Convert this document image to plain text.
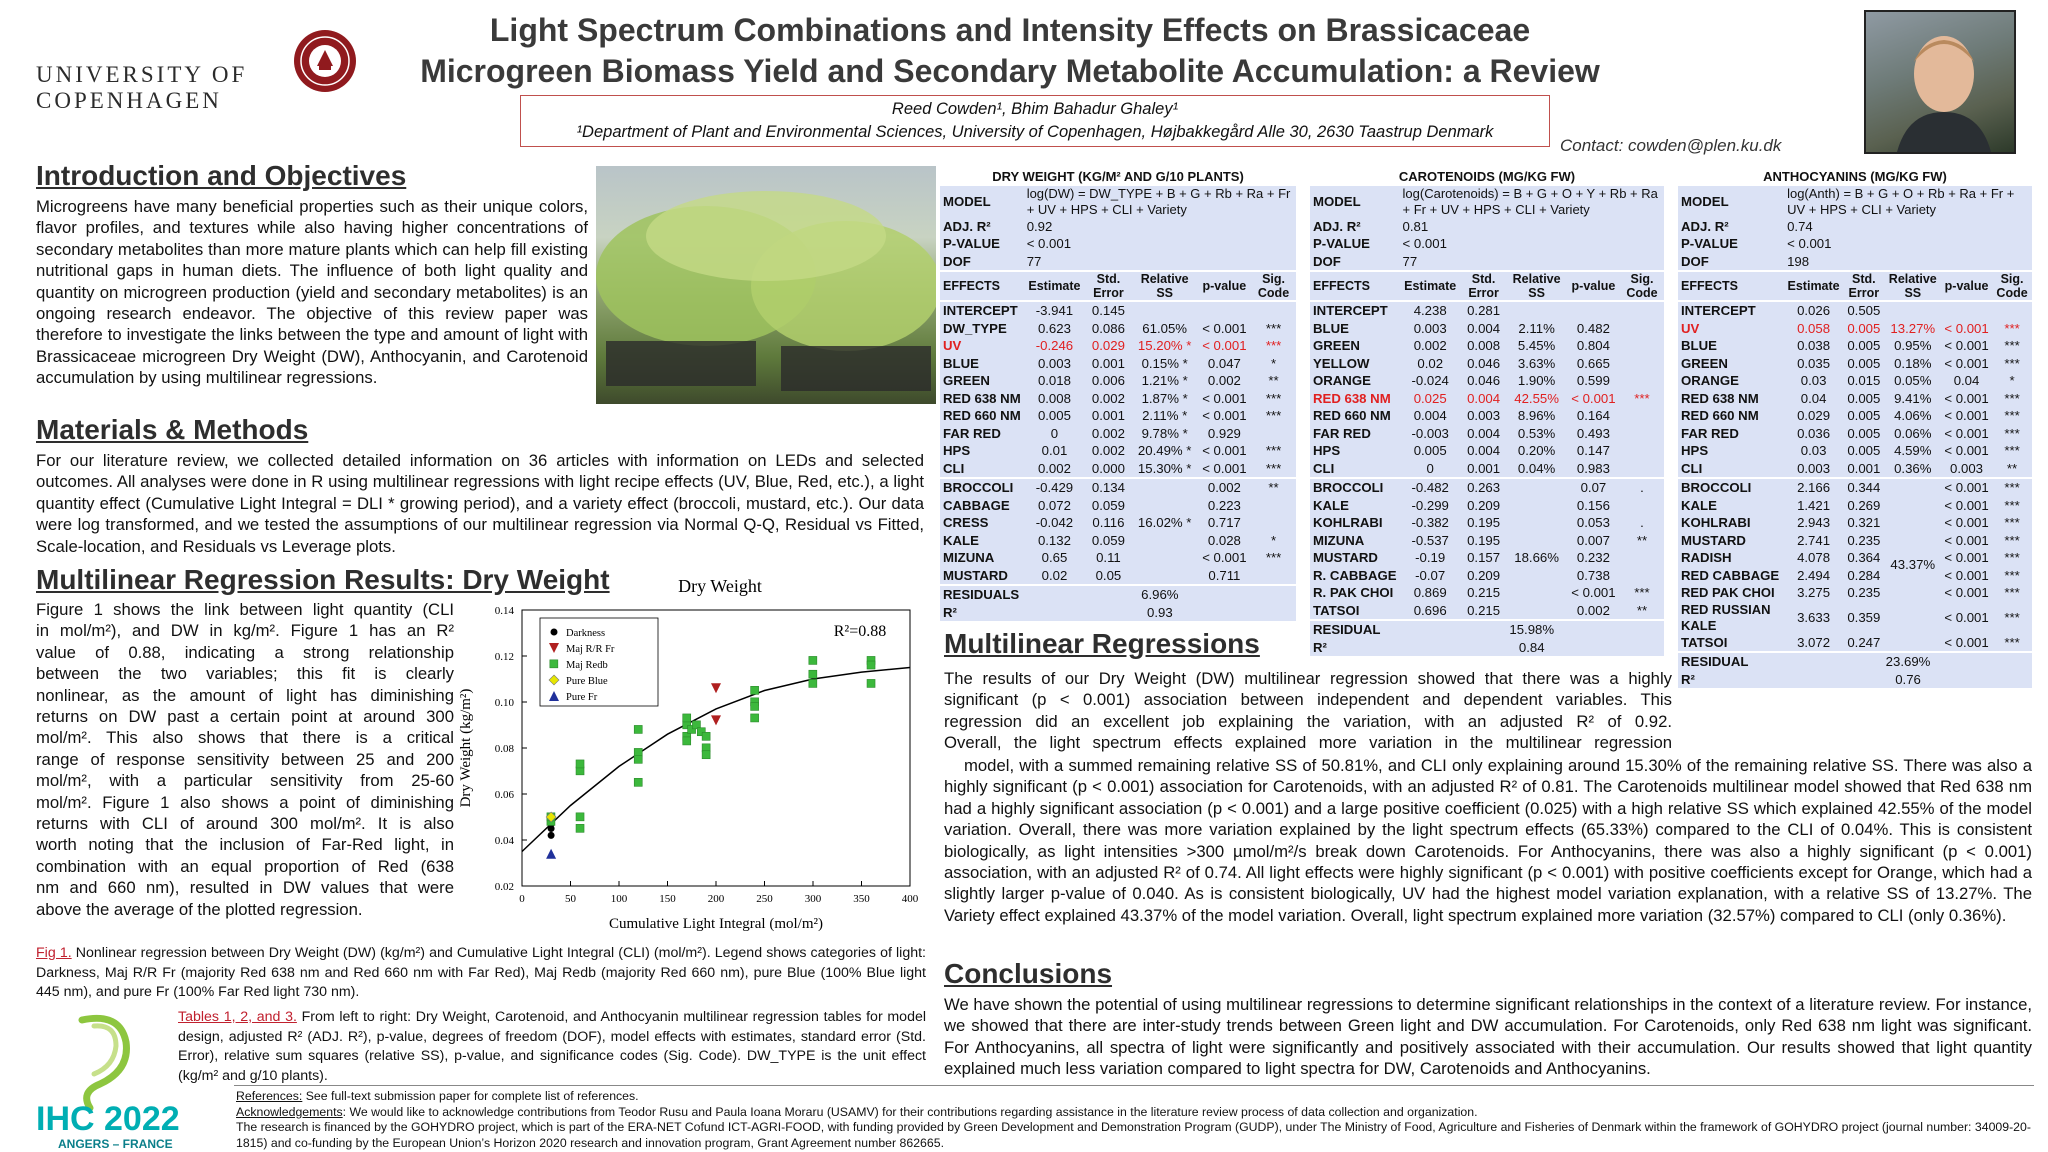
UNIVERSITY OF
COPENHAGEN
Light Spectrum Combinations and Intensity Effects on Brassicaceae
Microgreen Biomass Yield and Secondary Metabolite Accumulation: a Review
Reed Cowden¹, Bhim Bahadur Ghaley¹
¹Department of Plant and Environmental Sciences, University of Copenhagen, Højbakkegård Alle 30, 2630 Taastrup Denmark
Contact: cowden@plen.ku.dk
Introduction and Objectives

Microgreens have many beneficial properties such as their unique colors, flavor profiles, and textures while also having higher concentrations of secondary metabolites than more mature plants which can help fill existing nutritional gaps in human diets. The influence of both light quality and quantity on microgreen production (yield and secondary metabolites) is an ongoing research endeavor. The objective of this review paper was therefore to investigate the links between the type and amount of light with Brassicaceae microgreen Dry Weight (DW), Anthocyanin, and Carotenoid accumulation by using multilinear regressions.

Materials & Methods

For our literature review, we collected detailed information on 36 articles with information on LEDs and selected outcomes. All analyses were done in R using multilinear regressions with light recipe effects (UV, Blue, Red, etc.), a light quantity effect (Cumulative Light Integral = DLI * growing period), and a variety effect (broccoli, mustard, etc.). Our data were log transformed, and we tested the assumptions of our multilinear regression via Normal Q-Q, Residual vs Fitted, Scale-location, and Residuals vs Leverage plots.

Multilinear Regression Results: Dry Weight
Figure 1 shows the link between light quantity (CLI
in mol/m²), and DW in kg/m². Figure 1 has an R²
value of 0.88, indicating a strong relationship
between the two variables; this fit is clearly
nonlinear, as the amount of light has diminishing
returns on DW past a certain point at around 300
mol/m². This also shows that there is a critical
range of response sensitivity between 25 and 200
mol/m², with a particular sensitivity from 25-60
mol/m². Figure 1 also shows a point of diminishing
returns with CLI of around 300 mol/m². It is also
worth noting that the inclusion of Far-Red light, in
combination with an equal proportion of Red (638
nm and 660 nm), resulted in DW values that were
above the average of the plotted regression.
Dry Weight
0	50	100	150	200	250	300	350	400
0.02
0.04
0.06
0.08
0.10
0.12
0.14
Darkness
Maj R/R Fr
Maj Redb
Pure Blue
Pure Fr
R²=0.88
Cumulative Light Integral (mol/m²)
Dry Weight (kg/m²)

Fig 1. Nonlinear regression between Dry Weight (DW) (kg/m²) and Cumulative Light Integral (CLI) (mol/m²). Legend shows categories of light: Darkness, Maj R/R Fr (majority Red 638 nm and Red 660 nm with Far Red), Maj Redb (majority Red 660 nm), pure Blue (100% Blue light 445 nm), and pure Fr (100% Far Red light 730 nm).

IHC 2022
ANGERS – FRANCE

Tables 1, 2, and 3. From left to right: Dry Weight, Carotenoid, and Anthocyanin multilinear regression tables for model design, adjusted R² (ADJ. R²), p-value, degrees of freedom (DOF), model effects with estimates, standard error (Std. Error), relative sum squares (relative SS), p-value, and significance codes (Sig. Code). DW_TYPE is the unit effect (kg/m² and g/10 plants).

DRY WEIGHT (KG/M² AND G/10 PLANTS)					
MODEL	log(DW) = DW_TYPE + B + G + Rb + Ra + Fr + UV + HPS + CLI + Variety				
ADJ. R²	0.92				
P-VALUE	< 0.001				
DOF	77				
EFFECTS	Estimate	Std. Error	Relative SS	p-value	Sig. Code
INTERCEPT	-3.941	0.145			
DW_TYPE	0.623	0.086	61.05%	< 0.001	***
UV	-0.246	0.029	15.20% *	< 0.001	***
BLUE	0.003	0.001	0.15% *	0.047	*
GREEN	0.018	0.006	1.21% *	0.002	**
RED 638 NM	0.008	0.002	1.87% *	< 0.001	***
RED 660 NM	0.005	0.001	2.11% *	< 0.001	***
FAR RED	0	0.002	9.78% *	0.929	
HPS	0.01	0.002	20.49% *	< 0.001	***
CLI	0.002	0.000	15.30% *	< 0.001	***
BROCCOLI	-0.429	0.134		0.002	**
CABBAGE	0.072	0.059		0.223	
CRESS	-0.042	0.116	16.02% *	0.717	
KALE	0.132	0.059		0.028	*
MIZUNA	0.65	0.11		< 0.001	***
MUSTARD	0.02	0.05		0.711	
RESIDUALS	6.96%				
R²	0.93				
CAROTENOIDS (MG/KG FW)					
MODEL	log(Carotenoids) = B + G + O + Y + Rb + Ra + Fr + UV + HPS + CLI + Variety				
ADJ. R²	0.81				
P-VALUE	< 0.001				
DOF	77				
EFFECTS	Estimate	Std. Error	Relative SS	p-value	Sig. Code
INTERCEPT	4.238	0.281			
BLUE	0.003	0.004	2.11%	0.482	
GREEN	0.002	0.008	5.45%	0.804	
YELLOW	0.02	0.046	3.63%	0.665	
ORANGE	-0.024	0.046	1.90%	0.599	
RED 638 NM	0.025	0.004	42.55%	< 0.001	***
RED 660 NM	0.004	0.003	8.96%	0.164	
FAR RED	-0.003	0.004	0.53%	0.493	
HPS	0.005	0.004	0.20%	0.147	
CLI	0	0.001	0.04%	0.983	
BROCCOLI	-0.482	0.263		0.07	.
KALE	-0.299	0.209		0.156	
KOHLRABI	-0.382	0.195		0.053	.
MIZUNA	-0.537	0.195		0.007	**
MUSTARD	-0.19	0.157	18.66%	0.232	
R. CABBAGE	-0.07	0.209		0.738	
R. PAK CHOI	0.869	0.215		< 0.001	***
TATSOI	0.696	0.215		0.002	**
RESIDUAL	15.98%				
R²	0.84				
ANTHOCYANINS (MG/KG FW)					
MODEL	log(Anth) = B + G + O + Rb + Ra + Fr + UV + HPS + CLI + Variety				
ADJ. R²	0.74				
P-VALUE	< 0.001				
DOF	198				
EFFECTS	Estimate	Std. Error	Relative SS	p-value	Sig. Code
INTERCEPT	0.026	0.505			
UV	0.058	0.005	13.27%	< 0.001	***
BLUE	0.038	0.005	0.95%	< 0.001	***
GREEN	0.035	0.005	0.18%	< 0.001	***
ORANGE	0.03	0.015	0.05%	0.04	*
RED 638 NM	0.04	0.005	9.41%	< 0.001	***
RED 660 NM	0.029	0.005	4.06%	< 0.001	***
FAR RED	0.036	0.005	0.06%	< 0.001	***
HPS	0.03	0.005	4.59%	< 0.001	***
CLI	0.003	0.001	0.36%	0.003	**
BROCCOLI	2.166	0.344	43.37%	< 0.001	***
KALE	1.421	0.269		< 0.001	***
KOHLRABI	2.943	0.321		< 0.001	***
MUSTARD	2.741	0.235		< 0.001	***
RADISH	4.078	0.364		< 0.001	***
RED CABBAGE	2.494	0.284		< 0.001	***
RED PAK CHOI	3.275	0.235		< 0.001	***
RED RUSSIAN KALE	3.633	0.359		< 0.001	***
TATSOI	3.072	0.247		< 0.001	***
RESIDUAL	23.69%				
R²	0.76				
Multilinear Regressions
The results of our Dry Weight (DW) multilinear regression showed that there was a highly
significant (p < 0.001) association between independent and dependent variables. This
regression did an excellent job explaining the variation, with an adjusted R² of 0.92.
Overall, the light spectrum effects explained more variation in the multilinear regression

model, with a summed remaining relative SS of 50.81%, and CLI only explaining around 15.30% of the remaining relative SS. There was also a highly significant (p < 0.001) association for Carotenoids, with an adjusted R² of 0.81. The Carotenoids multilinear model showed that Red 638 nm had a highly significant association (p < 0.001) and a large positive coefficient (0.025) with a high relative SS which explained 42.55% of the model variation. Overall, there was more variation explained by the light spectrum effects (65.33%) compared to the CLI of 0.04%. This is consistent biologically, as light intensities >300 µmol/m²/s break down Carotenoids. For Anthocyanins, there was also a highly significant (p < 0.001) association, with an adjusted R² of 0.74. All light effects were highly significant (p < 0.001) with positive coefficients except for Orange, which had a slightly larger p-value of 0.040. As is consistent biologically, UV had the highest model variation explanation, with a relative SS of 13.27%. The Variety effect explained 43.37% of the model variation. Overall, light spectrum explained more variation (32.57%) compared to CLI (only 0.36%).

Conclusions

We have shown the potential of using multilinear regressions to determine significant relationships in the context of a literature review. For instance, we showed that there are inter-study trends between Green light and DW accumulation. For Carotenoids, only Red 638 nm light was significant. For Anthocyanins, all spectra of light were significantly and positively associated with their accumulation. Our results showed that light quantity explained much less variation compared to light spectra for DW, Carotenoids and Anthocyanins.

References: See full-text submission paper for complete list of references.
Acknowledgements: We would like to acknowledge contributions from Teodor Rusu and Paula Ioana Moraru (USAMV) for their contributions regarding assistance in the literature review process of data collection and organization.
The research is financed by the GOHYDRO project, which is part of the ERA-NET Cofund ICT-AGRI-FOOD, with funding provided by Green Development and Demonstration Program (GUDP), under The Ministry of Food, Agriculture and Fisheries of Denmark within the framework of GOHYDRO project (journal number: 34009-20-1815) and co-funding by the European Union’s Horizon 2020 research and innovation program, Grant Agreement number 862665.
